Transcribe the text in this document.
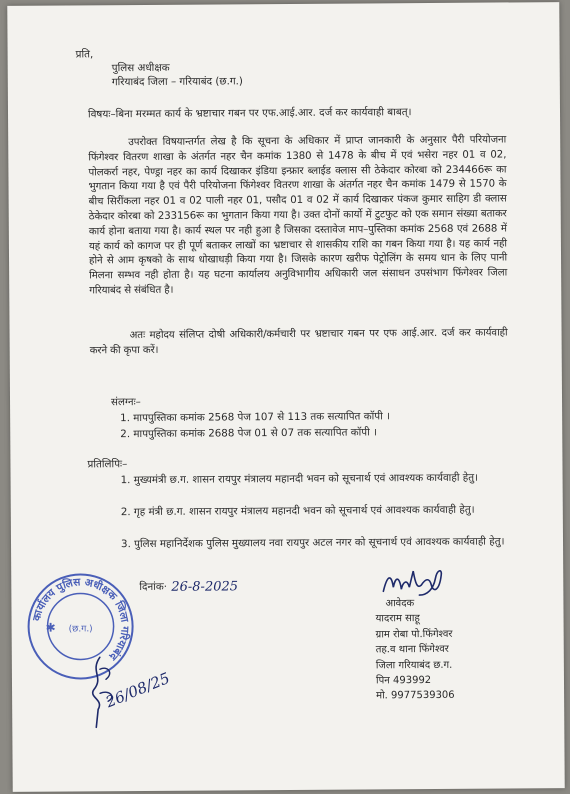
प्रति,
पुलिस अधीक्षक
गरियाबंद जिला – गरियाबंद (छ.ग.)
विषयः–बिना मरम्मत कार्य के भ्रष्टाचार गबन पर एफ.आई.आर. दर्ज कर कार्यवाही बाबत्।
उपरोक्त विषयान्तर्गत लेख है कि सूचना के अधिकार में प्राप्त जानकारी के अनुसार पैरी परियोजना फिंगेश्वर वितरण शाखा के अंतर्गत नहर चैन कमांक 1380 से 1478 के बीच में एवं भसेरा नहर 01 व 02, पोलकर्रा नहर, पेण्ड्रा नहर का कार्य दिखाकर इंडिया इन्फ्रार ब्लाईड क्लास सी ठेकेदार कोरबा को 234466रू का भुगतान किया गया है एवं पैरी परियोजना फिंगेश्वर वितरण शाखा के अंतर्गत नहर चैन कमांक 1479 से 1570 के बीच सिरींकला नहर 01 व 02 पाली नहर 01, पसौद 01 व 02 में कार्य दिखाकर पंकज कुमार साहिग डी क्लास ठेकेदार कोरबा को 233156रू का भुगतान किया गया है। उक्त दोनों कार्यो में टुटफुट को एक समान संख्या बताकर कार्य होना बताया गया है। कार्य स्थल पर नही हुआ है जिसका दस्तावेज माप–पुस्तिका कमांक 2568 एवं 2688 में यहं कार्य को कागज पर ही पूर्ण बताकर लाखों का भ्रष्टाचार से शासकीय राशि का गबन किया गया है। यह कार्य नही होने से आम कृषको के साथ धोखाधड़ी किया गया है। जिसके कारण खरीफ पेट्रोलिंग के समय धान के लिए पानी मिलना सम्भव नही होता है। यह घटना कार्यालय अनुविभागीय अधिकारी जल संसाधन उपसंभाग फिंगेश्वर जिला गरियाबंद से संबंधित है।
अतः महोदय संलिप्त दोषी अधिकारी/कर्मचारी पर भ्रष्टाचार गबन पर एफ आई.आर. दर्ज कर कार्यवाही करने की कृपा करें।
संलग्नः–
1. मापपुस्तिका कमांक 2568 पेज 107 से 113 तक सत्यापित कॉपी ।
2. मापपुस्तिका कमांक 2688 पेज 01 से 07 तक सत्यापित कॉपी ।
प्रतिलिपिः–
1. मुख्यमंत्री छ.ग. शासन रायपुर मंत्रालय महानदी भवन को सूचनार्थ एवं आवश्यक कार्यवाही हेतु।
2. गृह मंत्री छ.ग. शासन रायपुर मंत्रालय महानदी भवन को सूचनार्थ एवं आवश्यक कार्यवाही हेतु।
3. पुलिस महानिर्देशक पुलिस मुख्यालय नवा रायपुर अटल नगर को सूचनार्थ एवं आवश्यक कार्यवाही हेतु।
दिनांक· 26-8-2025
आवेदक
यादराम साहू
ग्राम रोबा पो.फिंगेश्वर
तह.व थाना फिंगेश्वर
जिला गरियाबंद छ.ग.
पिन 493992
मो. 9977539306
कार्यालय पुलिस अधीक्षक जिला गरियाबंद
(छ.ग.)
✱
26/08/25
